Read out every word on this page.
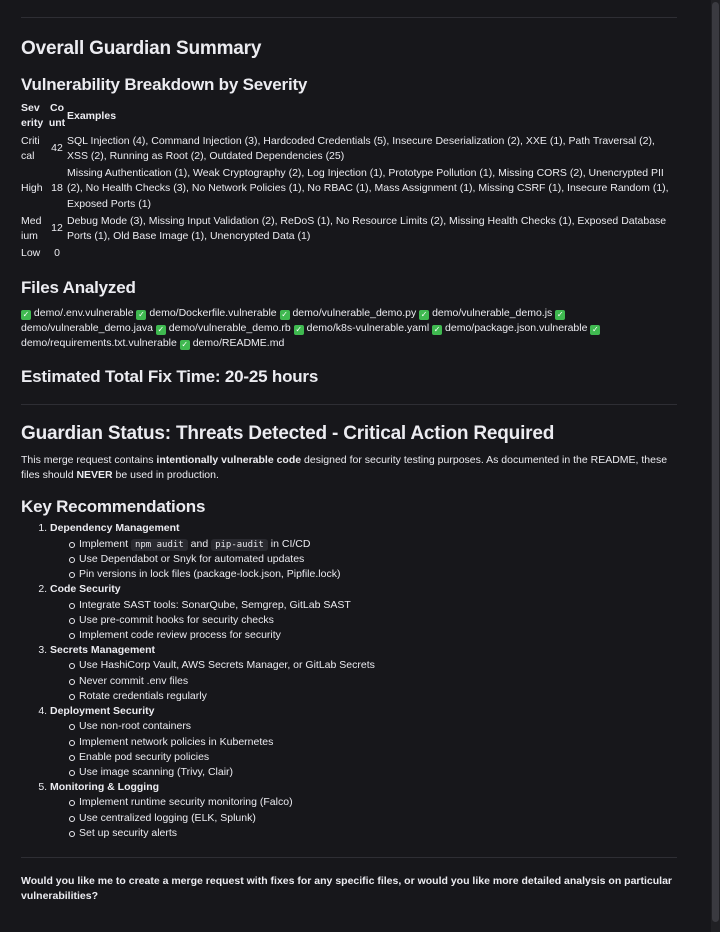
Overall Guardian Summary
Vulnerability Breakdown by Severity
Sev erity	Co unt	Examples
Criti cal	42	SQL Injection (4), Command Injection (3), Hardcoded Credentials (5), Insecure Deserialization (2), XXE (1), Path Traversal (2), XSS (2), Running as Root (2), Outdated Dependencies (25)
High	18	Missing Authentication (1), Weak Cryptography (2), Log Injection (1), Prototype Pollution (1), Missing CORS (2), Unencrypted PII (2), No Health Checks (3), No Network Policies (1), No RBAC (1), Mass Assignment (1), Missing CSRF (1), Insecure Random (1), Exposed Ports (1)
Med ium	12	Debug Mode (3), Missing Input Validation (2), ReDoS (1), No Resource Limits (2), Missing Health Checks (1), Exposed Database Ports (1), Old Base Image (1), Unencrypted Data (1)
Low	0	
Files Analyzed

✓ demo/.env.vulnerable ✓ demo/Dockerfile.vulnerable ✓ demo/vulnerable_demo.py ✓ demo/vulnerable_demo.js ✓ demo/vulnerable_demo.java ✓ demo/vulnerable_demo.rb ✓ demo/k8s-vulnerable.yaml ✓ demo/package.json.vulnerable ✓ demo/requirements.txt.vulnerable ✓ demo/README.md

Estimated Total Fix Time: 20-25 hours
Guardian Status: Threats Detected - Critical Action Required

This merge request contains intentionally vulnerable code designed for security testing purposes. As documented in the README, these files should NEVER be used in production.

Key Recommendations
1. Dependency Management
Implement npm audit and pip-audit in CI/CD
Use Dependabot or Snyk for automated updates
Pin versions in lock files (package-lock.json, Pipfile.lock)
2. Code Security
Integrate SAST tools: SonarQube, Semgrep, GitLab SAST
Use pre-commit hooks for security checks
Implement code review process for security
3. Secrets Management
Use HashiCorp Vault, AWS Secrets Manager, or GitLab Secrets
Never commit .env files
Rotate credentials regularly
4. Deployment Security
Use non-root containers
Implement network policies in Kubernetes
Enable pod security policies
Use image scanning (Trivy, Clair)
5. Monitoring & Logging
Implement runtime security monitoring (Falco)
Use centralized logging (ELK, Splunk)
Set up security alerts

Would you like me to create a merge request with fixes for any specific files, or would you like more detailed analysis on particular vulnerabilities?
